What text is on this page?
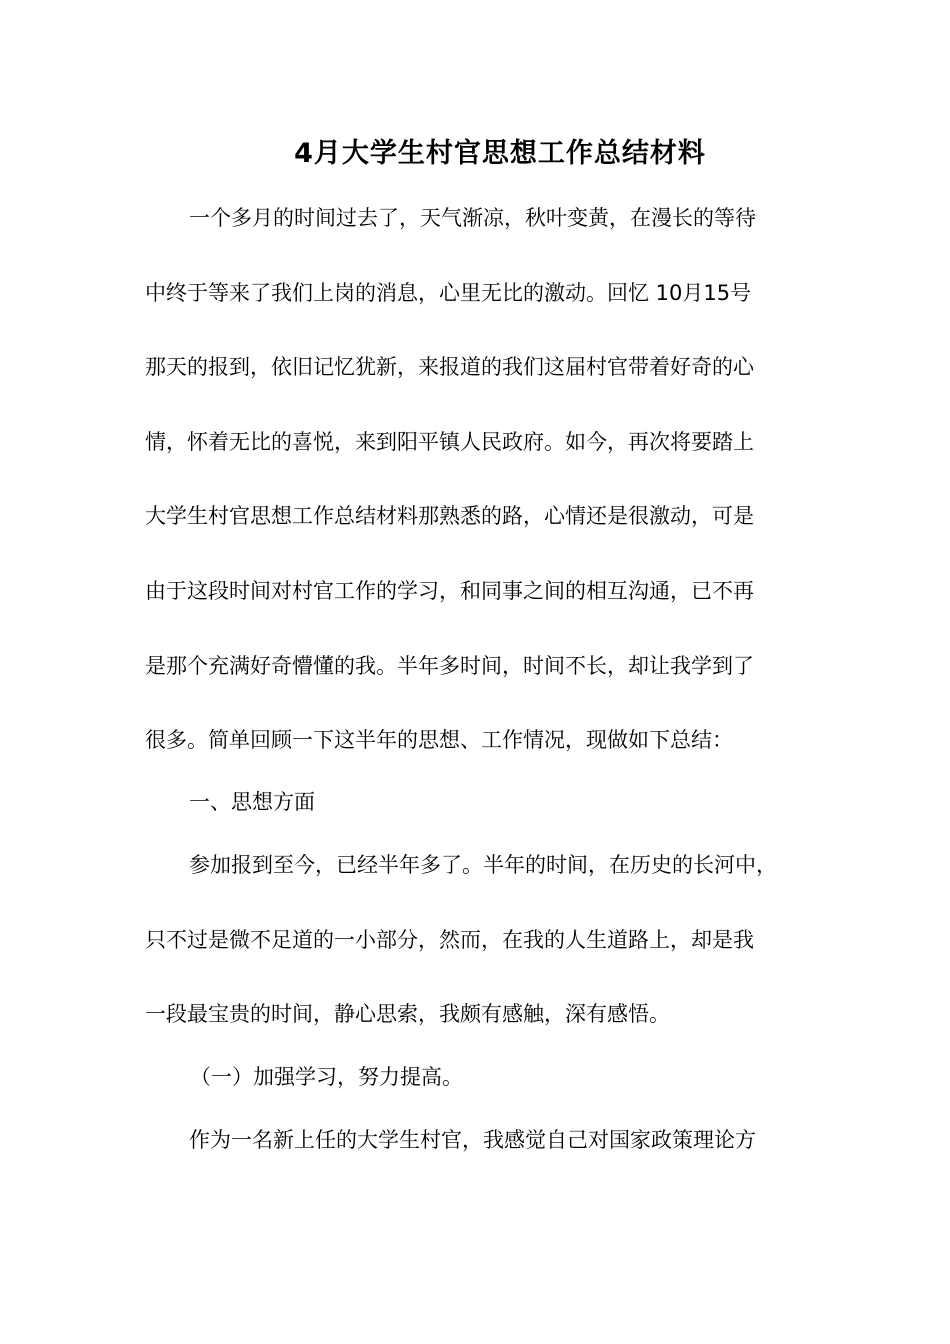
4月大学生村官思想工作总结材料
一个多月的时间过去了，天气渐凉，秋叶变黄，在漫长的等待
中终于等来了我们上岗的消息，心里无比的激动。回忆 10月15号
那天的报到，依旧记忆犹新，来报道的我们这届村官带着好奇的心
情，怀着无比的喜悦，来到阳平镇人民政府。如今，再次将要踏上
大学生村官思想工作总结材料那熟悉的路，心情还是很激动，可是
由于这段时间对村官工作的学习，和同事之间的相互沟通，已不再
是那个充满好奇懵懂的我。半年多时间，时间不长，却让我学到了
很多。简单回顾一下这半年的思想、工作情况，现做如下总结：
一、思想方面
参加报到至今，已经半年多了。半年的时间，在历史的长河中，
只不过是微不足道的一小部分，然而，在我的人生道路上，却是我
一段最宝贵的时间，静心思索，我颇有感触，深有感悟。
（一）加强学习，努力提高。
作为一名新上任的大学生村官，我感觉自己对国家政策理论方
